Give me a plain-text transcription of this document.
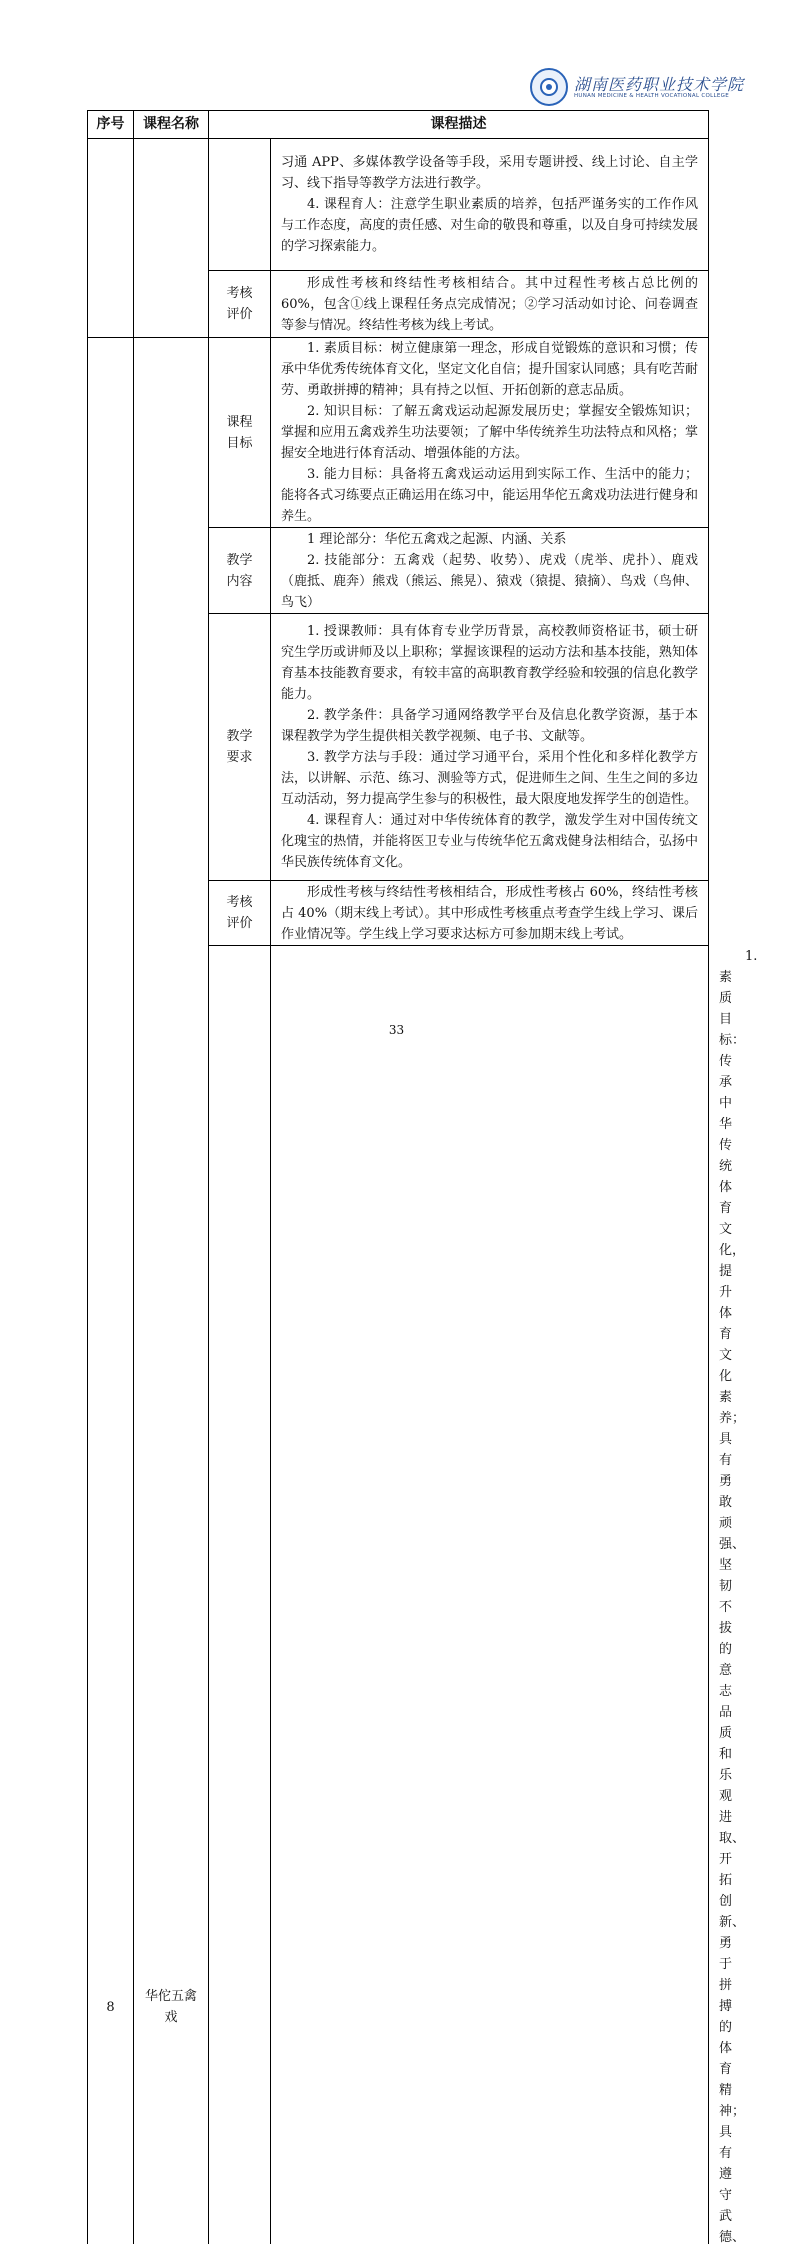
湖南医药职业技术学院
HUNAN MEDICINE & HEALTH VOCATIONAL COLLEGE
序号	课程名称	课程描述		

			习通 APP、多媒体教学设备等手段，采用专题讲授、线上讨论、自主学习、线下指导等教学方法进行教学。

4. 课程育人：注意学生职业素质的培养，包括严谨务实的工作作风与工作态度，高度的责任感、对生命的敬畏和尊重，以及自身可持续发展的学习探索能力。	

		考核评价	形成性考核和终结性考核相结合。其中过程性考核占总比例的 60%，包含①线上课程任务点完成情况；②学习活动如讨论、问卷调查等参与情况。终结性考核为线上考试。	

8	华佗五禽戏	课程目标	1. 素质目标：树立健康第一理念，形成自觉锻炼的意识和习惯；传承中华优秀传统体育文化，坚定文化自信；提升国家认同感；具有吃苦耐劳、勇敢拼搏的精神；具有持之以恒、开拓创新的意志品质。

2. 知识目标：了解五禽戏运动起源发展历史；掌握安全锻炼知识；掌握和应用五禽戏养生功法要领；了解中华传统养生功法特点和风格；掌握安全地进行体育活动、增强体能的方法。

3. 能力目标：具备将五禽戏运动运用到实际工作、生活中的能力；能将各式习练要点正确运用在练习中，能运用华佗五禽戏功法进行健身和养生。	

		教学内容	1 理论部分：华佗五禽戏之起源、内涵、关系

2. 技能部分：五禽戏（起势、收势）、虎戏（虎举、虎扑）、鹿戏（鹿抵、鹿奔）熊戏（熊运、熊晃）、猿戏（猿提、猿摘）、鸟戏（鸟伸、鸟飞）	

		教学要求	1. 授课教师：具有体育专业学历背景，高校教师资格证书，硕士研究生学历或讲师及以上职称；掌握该课程的运动方法和基本技能，熟知体育基本技能教育要求，有较丰富的高职教育教学经验和较强的信息化教学能力。

2. 教学条件：具备学习通网络教学平台及信息化教学资源，基于本课程教学为学生提供相关教学视频、电子书、文献等。

3. 教学方法与手段：通过学习通平台，采用个性化和多样化教学方法，以讲解、示范、练习、测验等方式，促进师生之间、生生之间的多边互动活动，努力提高学生参与的积极性，最大限度地发挥学生的创造性。

4. 课程育人：通过对中华传统体育的教学，激发学生对中国传统文化瑰宝的热情，并能将医卫专业与传统华佗五禽戏健身法相结合，弘扬中华民族传统体育文化。	

		考核评价	形成性考核与终结性考核相结合，形成性考核占 60%，终结性考核占 40%（期末线上考试）。其中形成性考核重点考查学生线上学习、课后作业情况等。学生线上学习要求达标方可参加期末线上考试。	

1. 素质目标：传承中华传统体育文化，提升体育文化素养；具有勇敢顽强、坚韧不拔的意志品质和乐观进取、开拓创新、勇于拼搏的体育精神；具有遵守武德、

33
